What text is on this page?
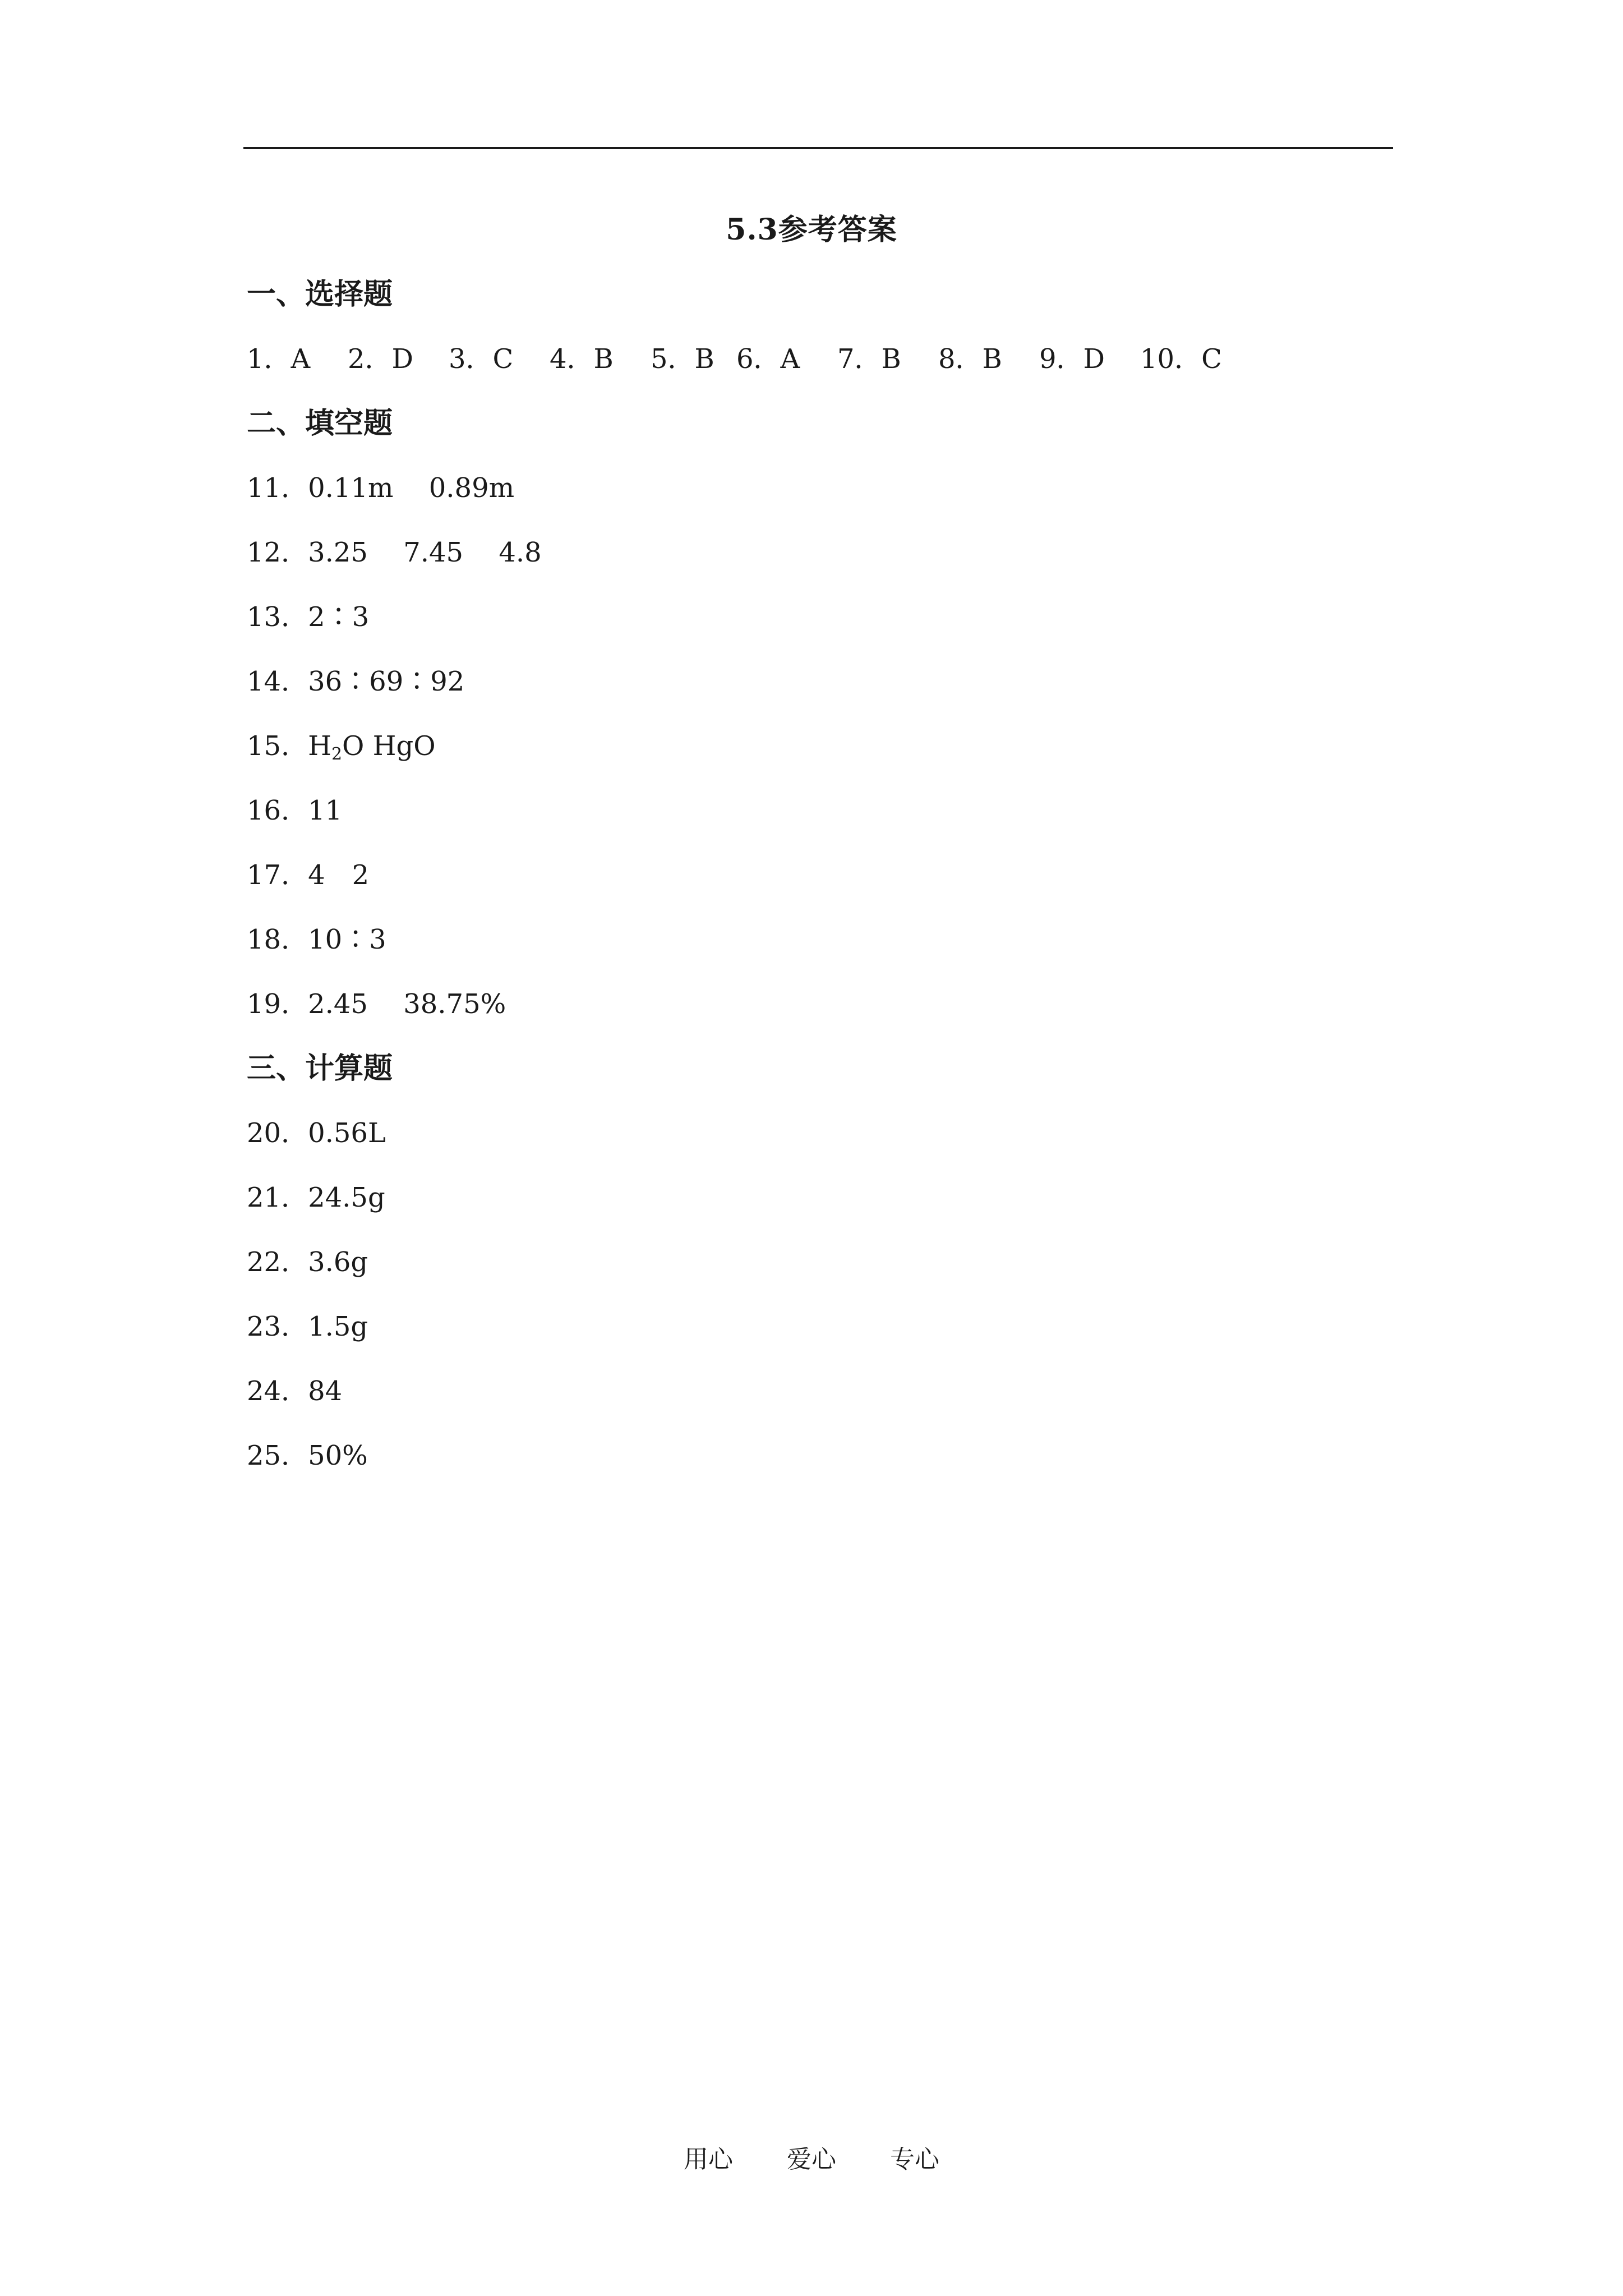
5.3参考答案
一、选择题
1．A 2．D 3．C 4．B 5．B 6．A 7．B 8．B 9．D 10．C
二、填空题
11．0.11m　 0.89m
12．3.25　 7.45　 4.8
13．2∶3
14．36∶69∶92
15．$H_2O$ HgO
16．11
17．4　2
18．10∶3
19．2.45　 38.75%
三、计算题
20．0.56L
21．24.5g
22．3.6g
23．1.5g
24．84
25．50%
用心 爱心 专心
